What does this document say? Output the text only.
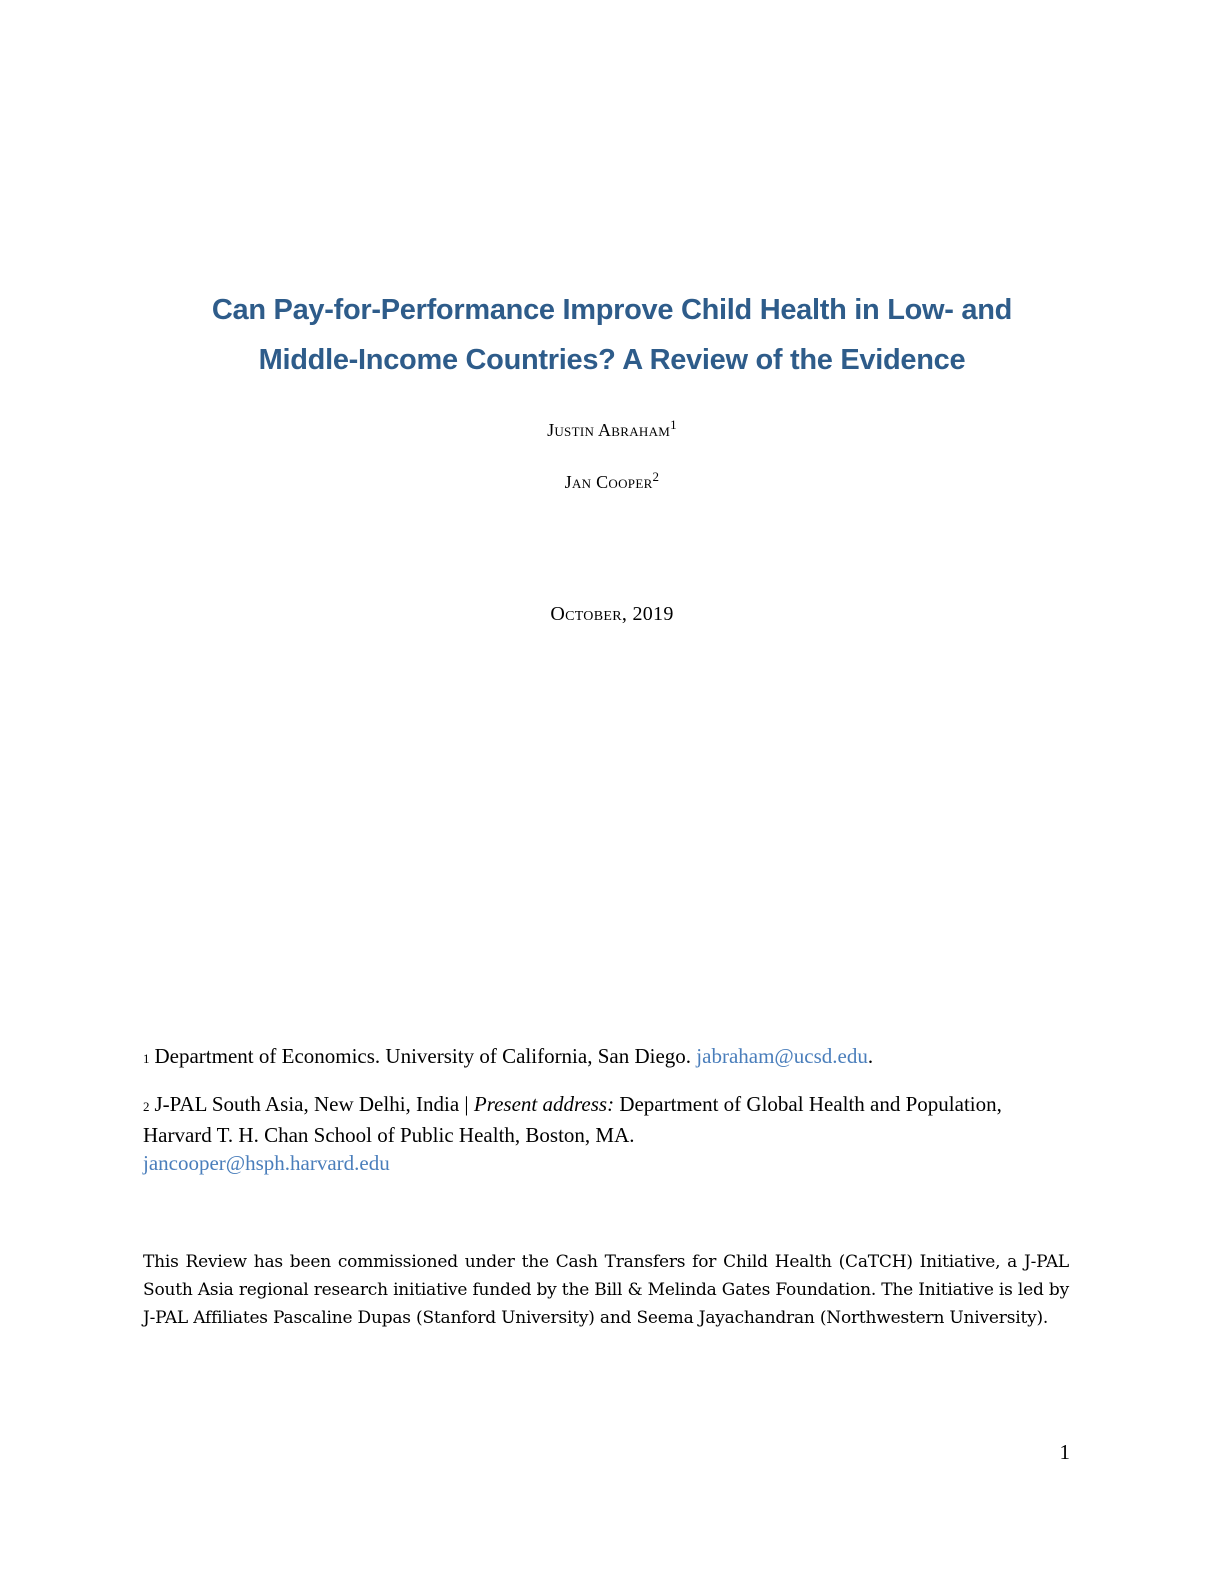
Can Pay-for-Performance Improve Child Health in Low- and
Middle-Income Countries? A Review of the Evidence
Justin Abraham$^1$
Jan Cooper$^2$
October, 2019
1 Department of Economics. University of California, San Diego. jabraham@ucsd.edu.
2 J-PAL South Asia, New Delhi, India | Present address: Department of Global Health and Population, Harvard T. H. Chan School of Public Health, Boston, MA.
jancooper@hsph.harvard.edu
This Review has been commissioned under the Cash Transfers for Child Health (CaTCH) Initiative, a J-PAL South Asia regional research initiative funded by the Bill & Melinda Gates Foundation. The Initiative is led by J-PAL Affiliates Pascaline Dupas (Stanford University) and Seema Jayachandran (Northwestern University).
1
